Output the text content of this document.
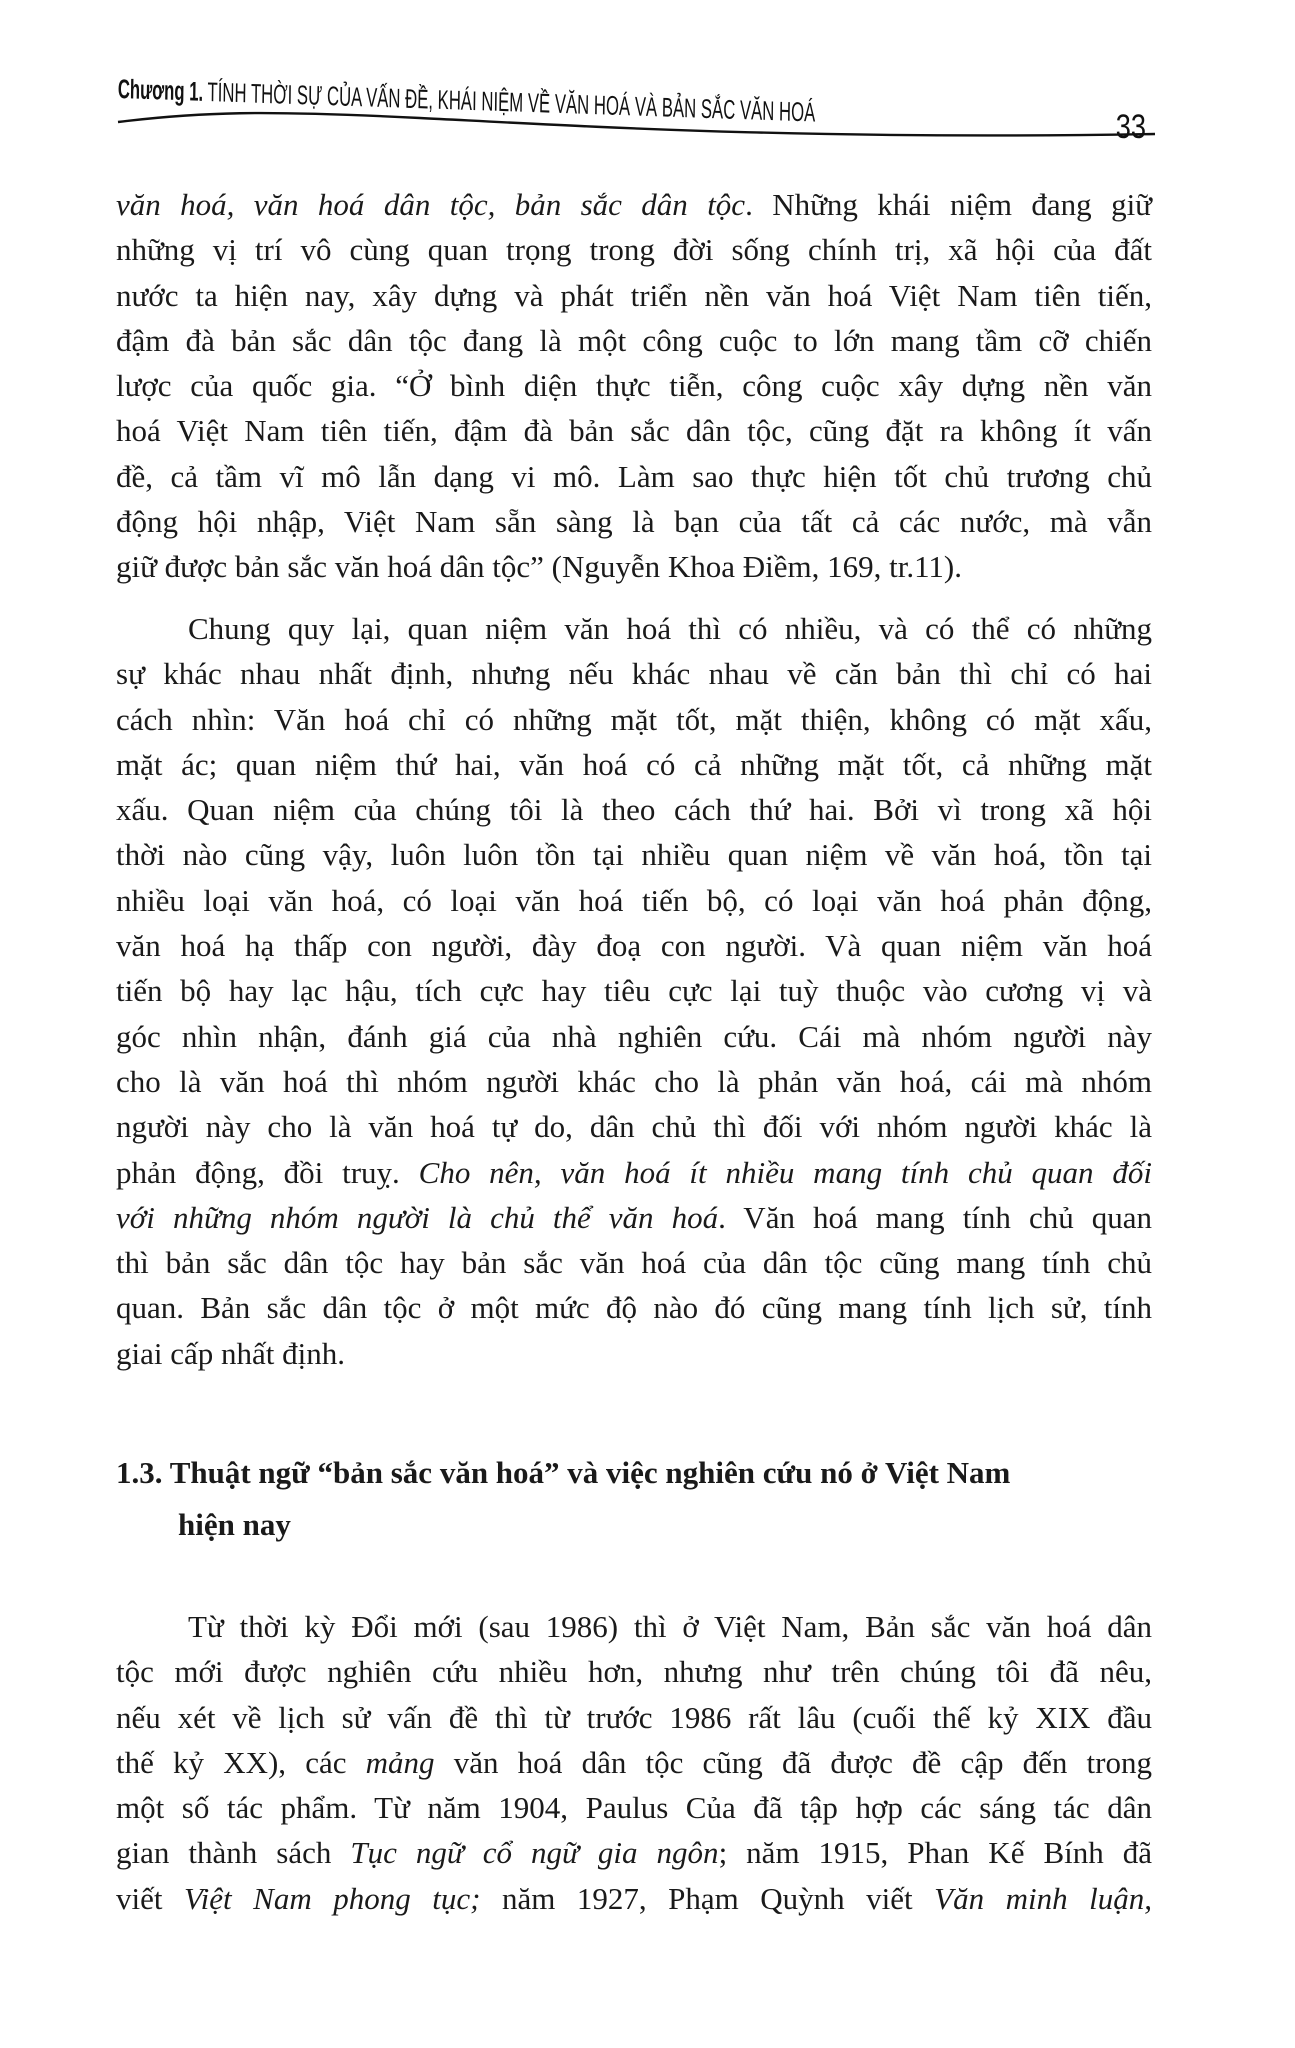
Chương 1. TÍNH THỜI SỰ CỦA VẤN ĐỀ, KHÁI NIỆM VỀ VĂN HOÁ VÀ BẢN SẮC VĂN HOÁ	33
văn hoá, văn hoá dân tộc, bản sắc dân tộc. Những khái niệm đang giữ
những vị trí vô cùng quan trọng trong đời sống chính trị, xã hội của đất
nước ta hiện nay, xây dựng và phát triển nền văn hoá Việt Nam tiên tiến,
đậm đà bản sắc dân tộc đang là một công cuộc to lớn mang tầm cỡ chiến
lược của quốc gia. “Ở bình diện thực tiễn, công cuộc xây dựng nền văn
hoá Việt Nam tiên tiến, đậm đà bản sắc dân tộc, cũng đặt ra không ít vấn
đề, cả tầm vĩ mô lẫn dạng vi mô. Làm sao thực hiện tốt chủ trương chủ
động hội nhập, Việt Nam sẵn sàng là bạn của tất cả các nước, mà vẫn
giữ được bản sắc văn hoá dân tộc” (Nguyễn Khoa Điềm, 169, tr.11).
Chung quy lại, quan niệm văn hoá thì có nhiều, và có thể có những
sự khác nhau nhất định, nhưng nếu khác nhau về căn bản thì chỉ có hai
cách nhìn: Văn hoá chỉ có những mặt tốt, mặt thiện, không có mặt xấu,
mặt ác; quan niệm thứ hai, văn hoá có cả những mặt tốt, cả những mặt
xấu. Quan niệm của chúng tôi là theo cách thứ hai. Bởi vì trong xã hội
thời nào cũng vậy, luôn luôn tồn tại nhiều quan niệm về văn hoá, tồn tại
nhiều loại văn hoá, có loại văn hoá tiến bộ, có loại văn hoá phản động,
văn hoá hạ thấp con người, đày đoạ con người. Và quan niệm văn hoá
tiến bộ hay lạc hậu, tích cực hay tiêu cực lại tuỳ thuộc vào cương vị và
góc nhìn nhận, đánh giá của nhà nghiên cứu. Cái mà nhóm người này
cho là văn hoá thì nhóm người khác cho là phản văn hoá, cái mà nhóm
người này cho là văn hoá tự do, dân chủ thì đối với nhóm người khác là
phản động, đồi truỵ. Cho nên, văn hoá ít nhiều mang tính chủ quan đối
với những nhóm người là chủ thể văn hoá. Văn hoá mang tính chủ quan
thì bản sắc dân tộc hay bản sắc văn hoá của dân tộc cũng mang tính chủ
quan. Bản sắc dân tộc ở một mức độ nào đó cũng mang tính lịch sử, tính
giai cấp nhất định.
1.3. Thuật ngữ “bản sắc văn hoá” và việc nghiên cứu nó ở Việt Nam
hiện nay
Từ thời kỳ Đổi mới (sau 1986) thì ở Việt Nam, Bản sắc văn hoá dân
tộc mới được nghiên cứu nhiều hơn, nhưng như trên chúng tôi đã nêu,
nếu xét về lịch sử vấn đề thì từ trước 1986 rất lâu (cuối thế kỷ XIX đầu
thế kỷ XX), các mảng văn hoá dân tộc cũng đã được đề cập đến trong
một số tác phẩm. Từ năm 1904, Paulus Của đã tập hợp các sáng tác dân
gian thành sách Tục ngữ cổ ngữ gia ngôn; năm 1915, Phan Kế Bính đã
viết Việt Nam phong tục; năm 1927, Phạm Quỳnh viết Văn minh luận,
